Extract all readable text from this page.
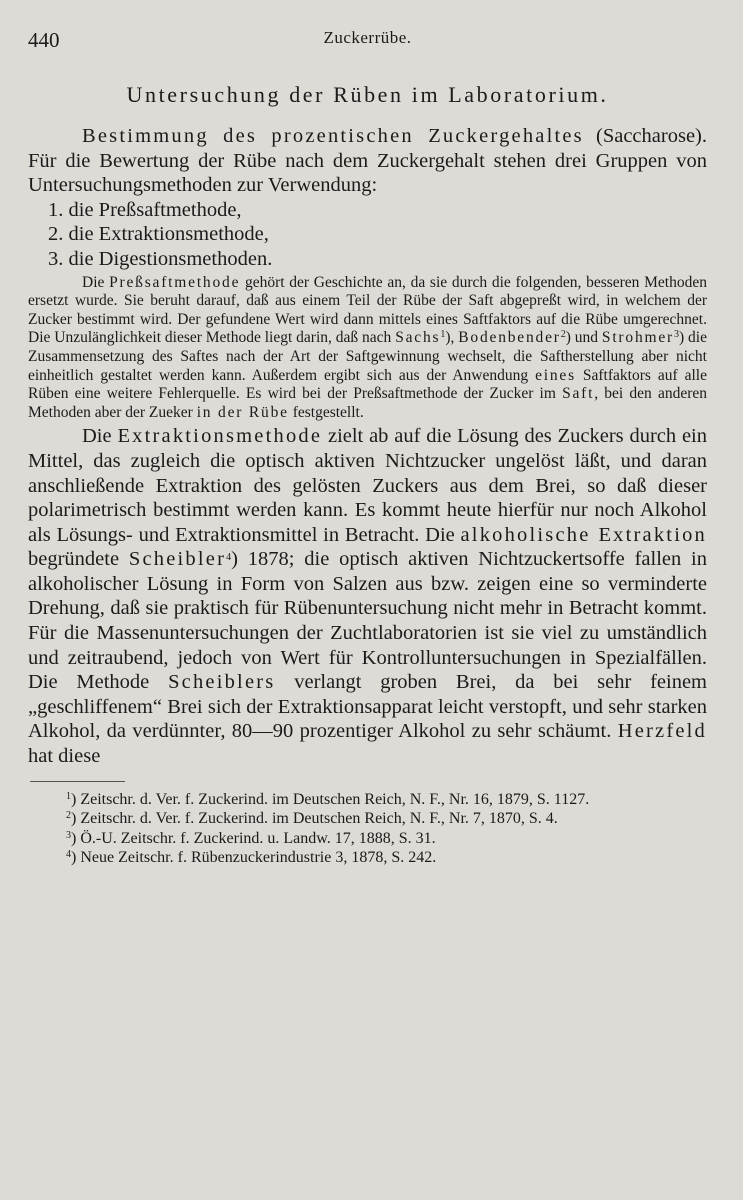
440	Zuckerrübe.
Untersuchung der Rüben im Laboratorium.

Bestimmung des prozentischen Zuckergehaltes (Saccharose). Für die Bewertung der Rübe nach dem Zuckergehalt stehen drei Gruppen von Untersuchungsmethoden zur Verwendung:

1. die Preßsaftmethode,
2. die Extraktionsmethode,
3. die Digestionsmethoden.

Die Preßsaftmethode gehört der Geschichte an, da sie durch die folgenden, besseren Methoden ersetzt wurde. Sie beruht darauf, daß aus einem Teil der Rübe der Saft abgepreßt wird, in welchem der Zucker bestimmt wird. Der gefundene Wert wird dann mittels eines Saftfaktors auf die Rübe umgerechnet. Die Unzulänglichkeit dieser Methode liegt darin, daß nach Sachs$^1$), Bodenbender$^2$) und Strohmer$^3$) die Zusammensetzung des Saftes nach der Art der Saftgewinnung wechselt, die Saftherstellung aber nicht einheitlich gestaltet werden kann. Außerdem ergibt sich aus der Anwendung eines Saftfaktors auf alle Rüben eine weitere Fehlerquelle. Es wird bei der Preßsaftmethode der Zucker im Saft, bei den anderen Methoden aber der Zueker in der Rübe festgestellt.

Die Extraktionsmethode zielt ab auf die Lösung des Zuckers durch ein Mittel, das zugleich die optisch aktiven Nichtzucker ungelöst läßt, und daran anschließende Extraktion des gelösten Zuckers aus dem Brei, so daß dieser polarimetrisch bestimmt werden kann. Es kommt heute hierfür nur noch Alkohol als Lösungs- und Extraktionsmittel in Betracht. Die alkoholische Extraktion begründete Scheibler$^4$) 1878; die optisch aktiven Nichtzuckertsoffe fallen in alkoholischer Lösung in Form von Salzen aus bzw. zeigen eine so verminderte Drehung, daß sie praktisch für Rübenuntersuchung nicht mehr in Betracht kommt. Für die Massenuntersuchungen der Zuchtlaboratorien ist sie viel zu umständlich und zeitraubend, jedoch von Wert für Kontrolluntersuchungen in Spezialfällen. Die Methode Scheiblers verlangt groben Brei, da bei sehr feinem „geschliffenem“ Brei sich der Extraktionsapparat leicht verstopft, und sehr starken Alkohol, da verdünnter, 80—90 prozentiger Alkohol zu sehr schäumt. Herzfeld hat diese

$^1$) Zeitschr. d. Ver. f. Zuckerind. im Deutschen Reich, N. F., Nr. 16, 1879, S. 1127.

$^2$) Zeitschr. d. Ver. f. Zuckerind. im Deutschen Reich, N. F., Nr. 7, 1870, S. 4.

$^3$) Ö.-U. Zeitschr. f. Zuckerind. u. Landw. 17, 1888, S. 31.

$^4$) Neue Zeitschr. f. Rübenzuckerindustrie 3, 1878, S. 242.
